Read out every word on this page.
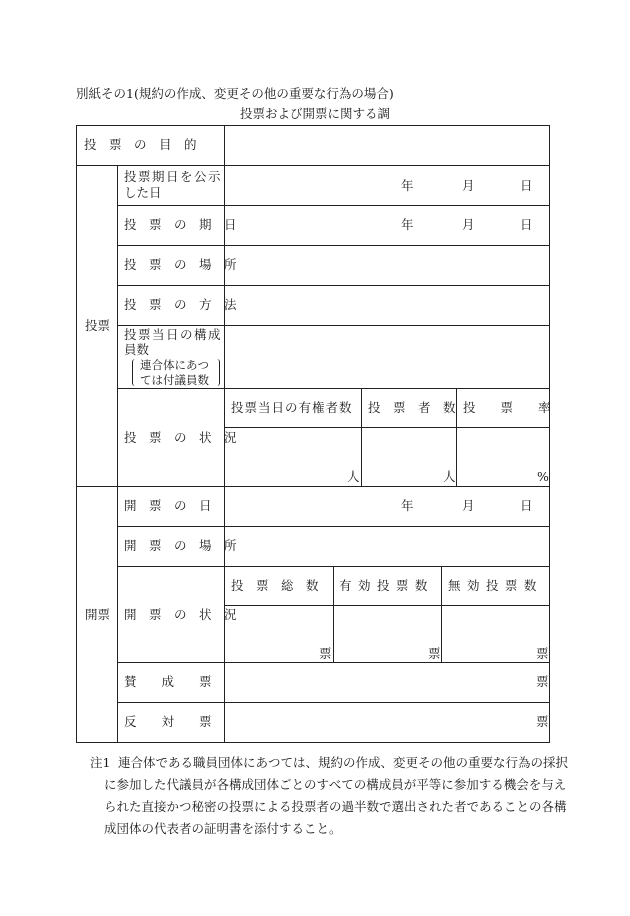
別紙その1(規約の作成、変更その他の重要な行為の場合)
投票および開票に関する調
投　票　の　目　的
投票
投票期日を公示
した日	年	月	日
投　票　の　期　日	年	月	日
投　票　の　場　所
投　票　の　方　法
投票当日の構成
員数
連合体にあつ
ては付議員数
投　票　の　状　況
投票当日の有権者数 投　票　者　数 投　　票　　率
人	人	%
開票
開　票　の　日	年	月	日
開　票　の　場　所
開　票　の　状　況
投　票　総　数 有 効 投 票 数 無 効 投 票 数
票	票	票
賛　　成　　票	票
反　　対　　票	票
注1 連合体である職員団体にあつては、規約の作成、変更その他の重要な行為の採択
に参加した代議員が各構成団体ごとのすべての構成員が平等に参加する機会を与え
られた直接かつ秘密の投票による投票者の過半数で選出された者であることの各構
成団体の代表者の証明書を添付すること。
